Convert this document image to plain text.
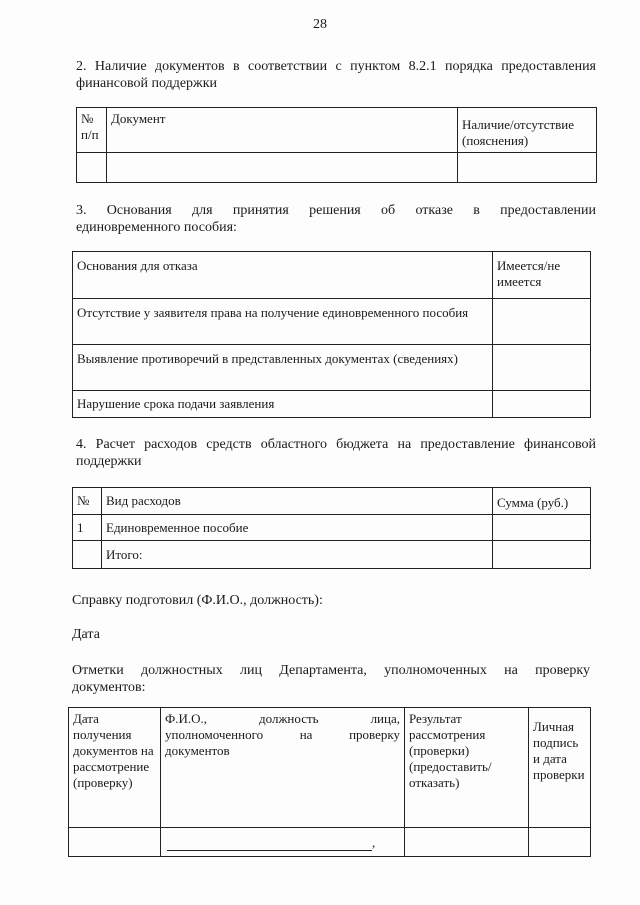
28
2. Наличие документов в соответствии с пунктом 8.2.1 порядка предоставления
финансовой поддержки
№ п/п	Документ	Наличие/отсутствие (пояснения)

3. Основания для принятия решения об отказе в предоставлении
единовременного пособия:
Основания для отказа	Имеется/не имеется
Отсутствие у заявителя права на получение единовременного пособия	
Выявление противоречий в представленных документах (сведениях)	
Нарушение срока подачи заявления	
4. Расчет расходов средств областного бюджета на предоставление финансовой
поддержки
№	Вид расходов	Сумма (руб.)
1	Единовременное пособие	
	Итого:	
Справку подготовил (Ф.И.О., должность):
Дата
Отметки должностных лиц Департамента, уполномоченных на проверку
документов:
Дата получения документов на рассмотрение (проверку)	Ф.И.О., должность лица, уполномоченного на проверку документов	Результат рассмотрения (проверки) (предоставить/отказать)	Личная подпись и дата проверки
	,		
